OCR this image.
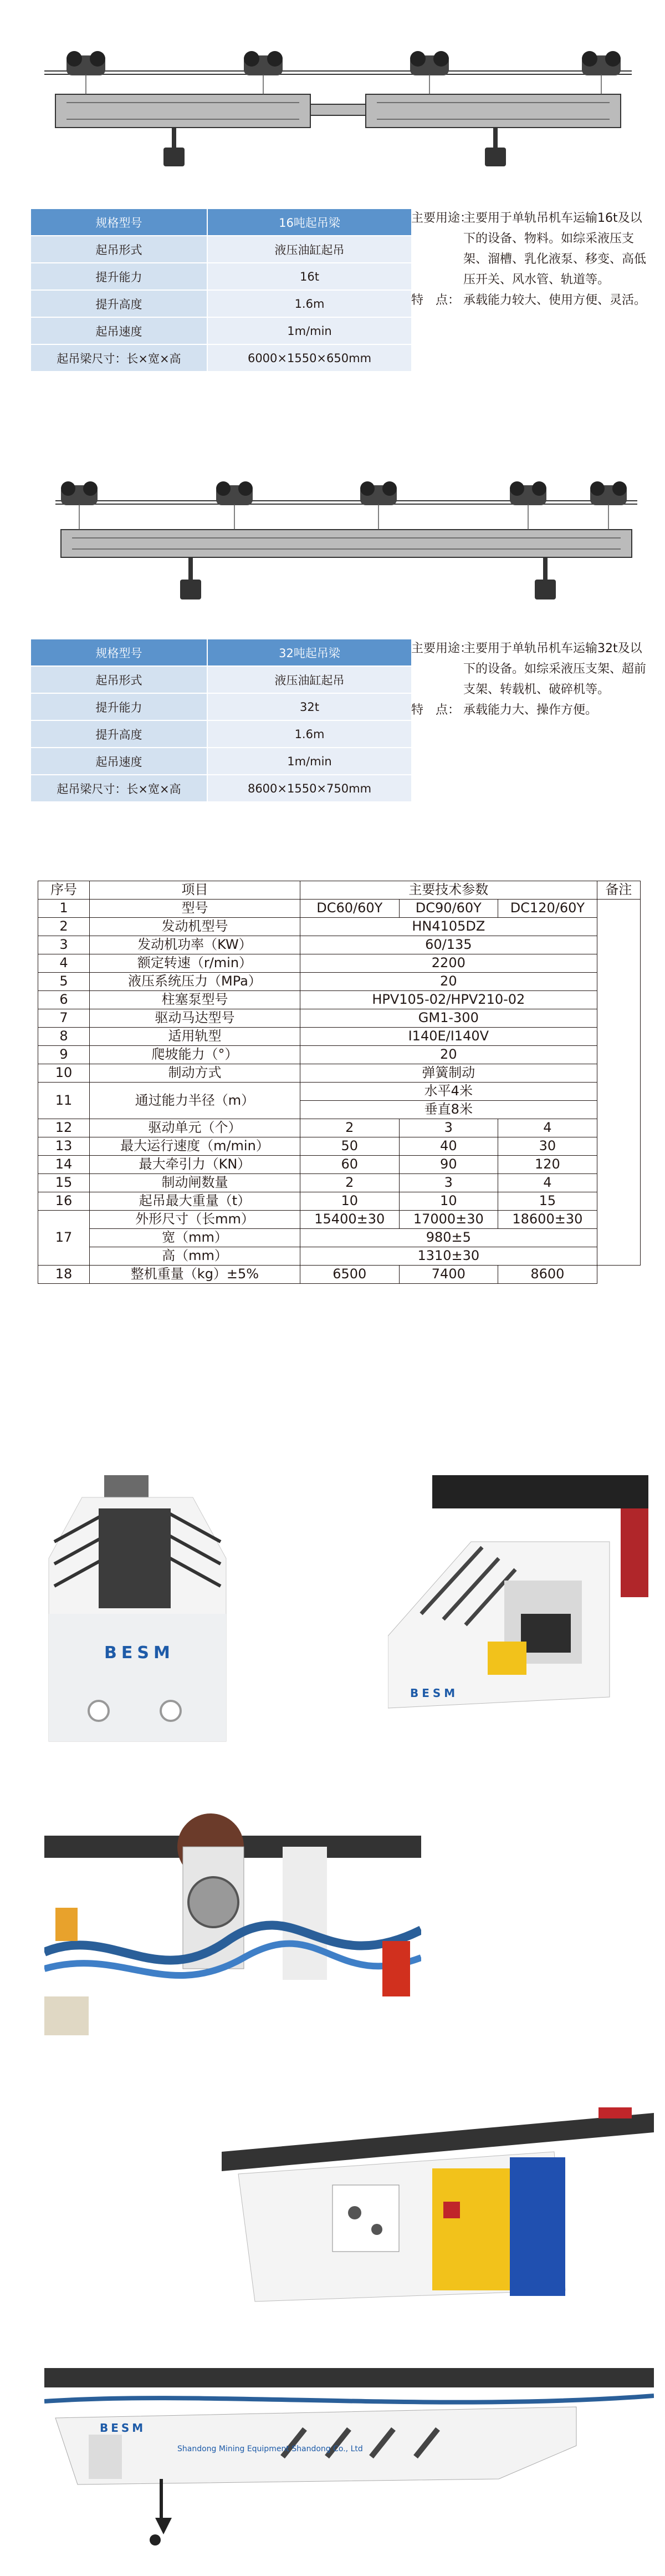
规格型号	16吨起吊梁
起吊形式	液压油缸起吊
提升能力	16t
提升高度	1.6m
起吊速度	1m/min
起吊梁尺寸：长×宽×高	6000×1550×650mm
主要用途：
主要用于单轨吊机车运输16t及以下的设备、物料。如综采液压支架、溜槽、乳化液泵、移变、高低压开关、风水管、轨道等。
特　点： 承载能力较大、使用方便、灵活。
规格型号	32吨起吊梁
起吊形式	液压油缸起吊
提升能力	32t
提升高度	1.6m
起吊速度	1m/min
起吊梁尺寸：长×宽×高	8600×1550×750mm
主要用途：
主要用于单轨吊机车运输32t及以下的设备。如综采液压支架、超前支架、转载机、破碎机等。
特　点： 承载能力大、操作方便。
序号	项目	主要技术参数			备注
1	型号	DC60/60Y	DC90/60Y	DC120/60Y	
2	发动机型号	HN4105DZ			
3	发动机功率（KW）	60/135			
4	额定转速（r/min）	2200			
5	液压系统压力（MPa）	20			
6	柱塞泵型号	HPV105-02/HPV210-02			
7	驱动马达型号	GM1-300			
8	适用轨型	I140E/I140V			
9	爬坡能力（°）	20			
10	制动方式	弹簧制动			
11	通过能力半径（m）	水平4米			
		垂直8米			
12	驱动单元（个）	2	3	4	
13	最大运行速度（m/min）	50	40	30	
14	最大牵引力（KN）	60	90	120	
15	制动闸数量	2	3	4	
16	起吊最大重量（t）	10	10	15	
17	外形尺寸（长mm）	15400±30	17000±30	18600±30	
	宽（mm）	980±5			
	高（mm）	1310±30			
18	整机重量（kg）±5%	6500	7400	8600	
BESM
BESM
BESM
Shandong Mining Equipment Shandong Co., Ltd
